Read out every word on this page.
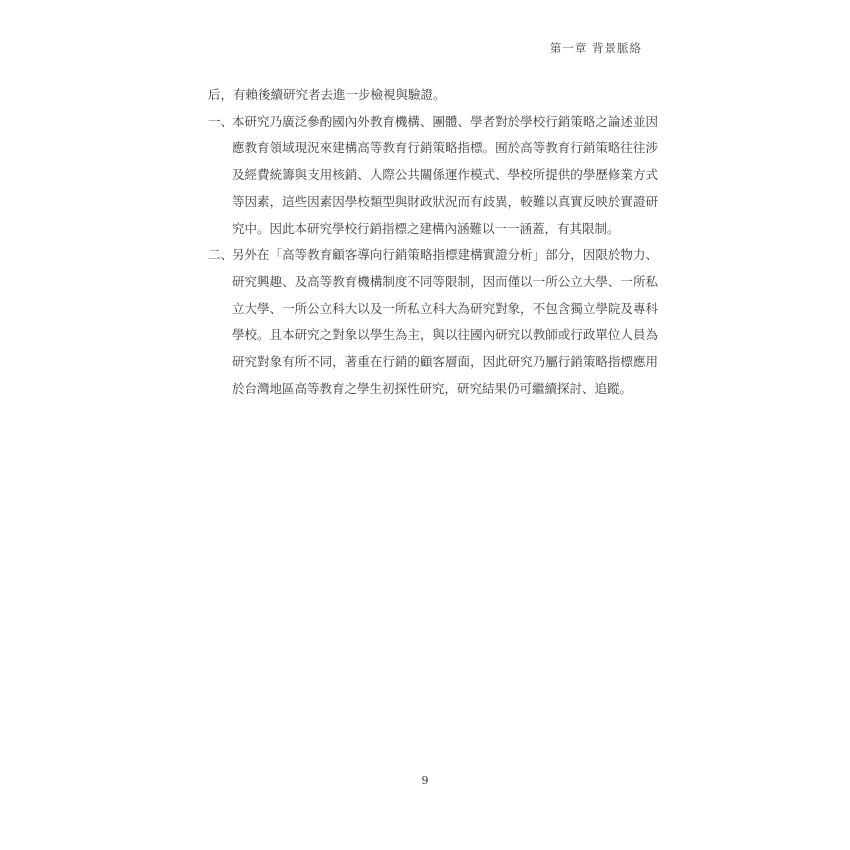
第一章 背景脈絡

后，有賴後續研究者去進一步檢視與驗證。

一、
本研究乃廣泛參酌國內外教育機構、團體、學者對於學校行銷策略之論述並因應教育領域現況來建構高等教育行銷策略指標。囿於高等教育行銷策略往往涉及經費統籌與支用核銷、人際公共關係運作模式、學校所提供的學歷修業方式等因素，這些因素因學校類型與財政狀況而有歧異，較難以真實反映於實證研究中。因此本研究學校行銷指標之建構內涵難以一一涵蓋，有其限制。
二、
另外在「高等教育顧客導向行銷策略指標建構實證分析」部分，因限於物力、研究興趣、及高等教育機構制度不同等限制，因而僅以一所公立大學、一所私立大學、一所公立科大以及一所私立科大為研究對象，不包含獨立學院及專科學校。且本研究之對象以學生為主，與以往國內研究以教師或行政單位人員為研究對象有所不同，著重在行銷的顧客層面，因此研究乃屬行銷策略指標應用於台灣地區高等教育之學生初探性研究，研究結果仍可繼續探討、追蹤。
9
